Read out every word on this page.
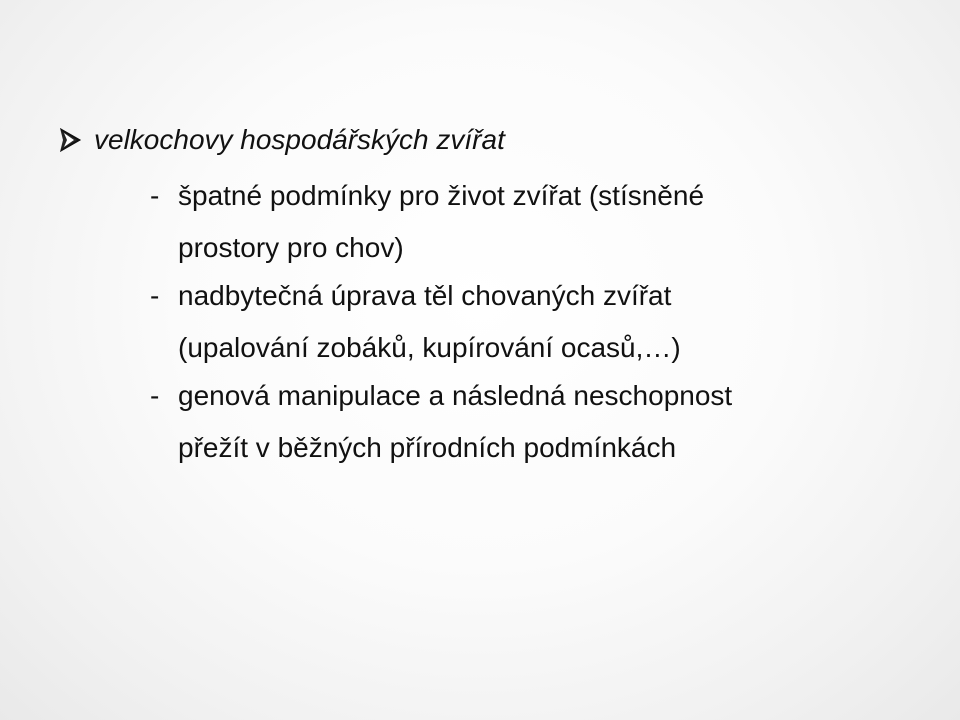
velkochovy hospodářských zvířat
- špatné podmínky pro život zvířat (stísněné
prostory pro chov)
- nadbytečná úprava těl chovaných zvířat
(upalování zobáků, kupírování ocasů,…)
- genová manipulace a následná neschopnost
přežít v běžných přírodních podmínkách
